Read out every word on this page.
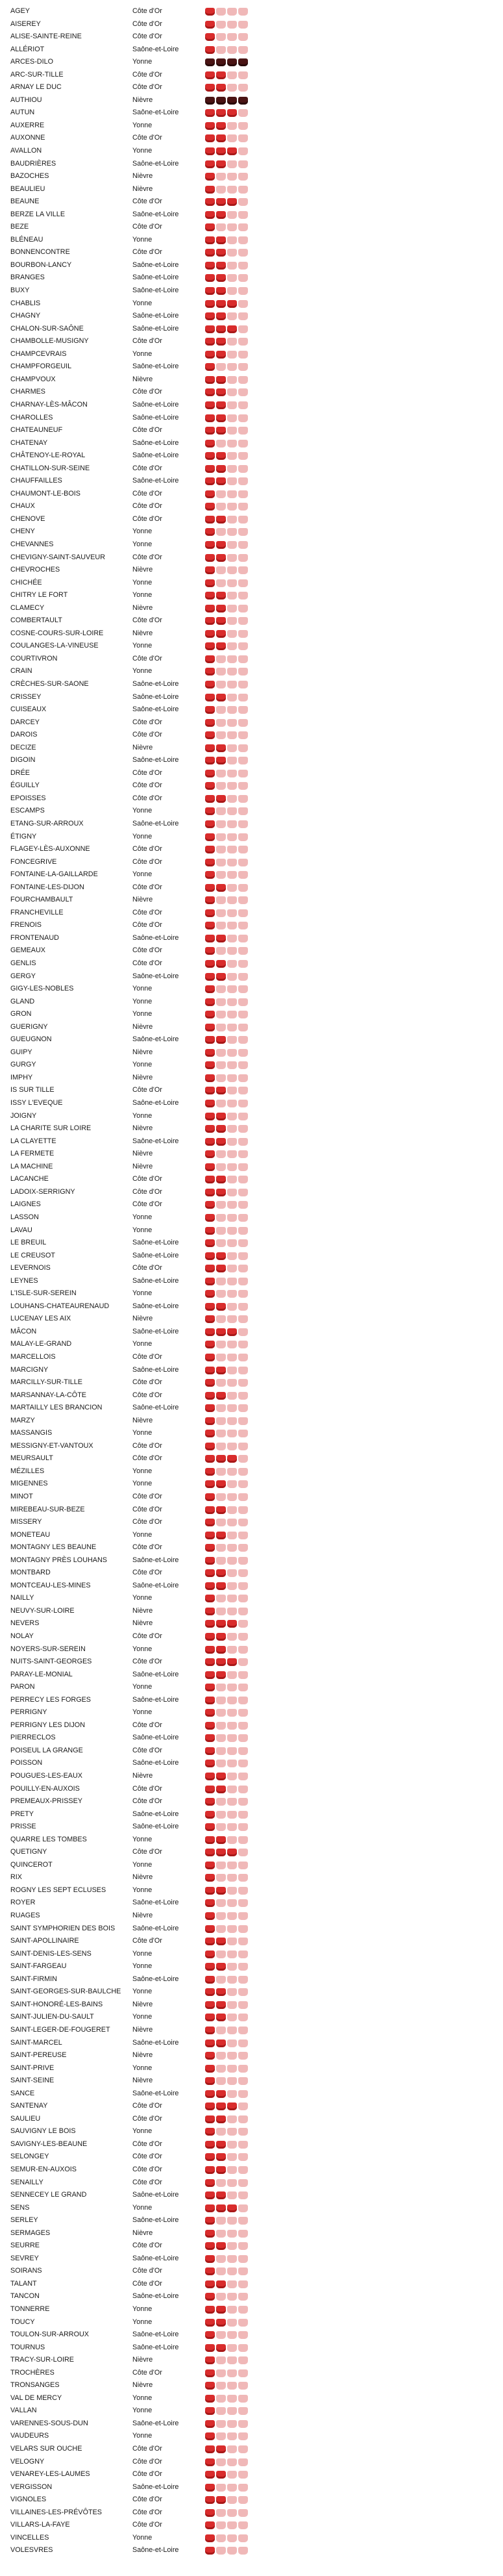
AGEY	Côte d'Or
AISEREY	Côte d'Or
ALISE-SAINTE-REINE	Côte d'Or
ALLÉRIOT	Saône-et-Loire
ARCES-DILO	Yonne
ARC-SUR-TILLE	Côte d'Or
ARNAY LE DUC	Côte d'Or
AUTHIOU	Nièvre
AUTUN	Saône-et-Loire
AUXERRE	Yonne
AUXONNE	Côte d'Or
AVALLON	Yonne
BAUDRIÈRES	Saône-et-Loire
BAZOCHES	Nièvre
BEAULIEU	Nièvre
BEAUNE	Côte d'Or
BERZE LA VILLE	Saône-et-Loire
BEZE	Côte d'Or
BLÉNEAU	Yonne
BONNENCONTRE	Côte d'Or
BOURBON-LANCY	Saône-et-Loire
BRANGES	Saône-et-Loire
BUXY	Saône-et-Loire
CHABLIS	Yonne
CHAGNY	Saône-et-Loire
CHALON-SUR-SAÔNE	Saône-et-Loire
CHAMBOLLE-MUSIGNY	Côte d'Or
CHAMPCEVRAIS	Yonne
CHAMPFORGEUIL	Saône-et-Loire
CHAMPVOUX	Nièvre
CHARMES	Côte d'Or
CHARNAY-LÈS-MÂCON	Saône-et-Loire
CHAROLLES	Saône-et-Loire
CHATEAUNEUF	Côte d'Or
CHATENAY	Saône-et-Loire
CHÂTENOY-LE-ROYAL	Saône-et-Loire
CHATILLON-SUR-SEINE	Côte d'Or
CHAUFFAILLES	Saône-et-Loire
CHAUMONT-LE-BOIS	Côte d'Or
CHAUX	Côte d'Or
CHENOVE	Côte d'Or
CHENY	Yonne
CHEVANNES	Yonne
CHEVIGNY-SAINT-SAUVEUR	Côte d'Or
CHEVROCHES	Nièvre
CHICHÉE	Yonne
CHITRY LE FORT	Yonne
CLAMECY	Nièvre
COMBERTAULT	Côte d'Or
COSNE-COURS-SUR-LOIRE	Nièvre
COULANGES-LA-VINEUSE	Yonne
COURTIVRON	Côte d'Or
CRAIN	Yonne
CRÈCHES-SUR-SAONE	Saône-et-Loire
CRISSEY	Saône-et-Loire
CUISEAUX	Saône-et-Loire
DARCEY	Côte d'Or
DAROIS	Côte d'Or
DECIZE	Nièvre
DIGOIN	Saône-et-Loire
DRÉE	Côte d'Or
ÉGUILLY	Côte d'Or
EPOISSES	Côte d'Or
ESCAMPS	Yonne
ETANG-SUR-ARROUX	Saône-et-Loire
ÉTIGNY	Yonne
FLAGEY-LÈS-AUXONNE	Côte d'Or
FONCEGRIVE	Côte d'Or
FONTAINE-LA-GAILLARDE	Yonne
FONTAINE-LES-DIJON	Côte d'Or
FOURCHAMBAULT	Nièvre
FRANCHEVILLE	Côte d'Or
FRENOIS	Côte d'Or
FRONTENAUD	Saône-et-Loire
GEMEAUX	Côte d'Or
GENLIS	Côte d'Or
GERGY	Saône-et-Loire
GIGY-LES-NOBLES	Yonne
GLAND	Yonne
GRON	Yonne
GUERIGNY	Nièvre
GUEUGNON	Saône-et-Loire
GUIPY	Nièvre
GURGY	Yonne
IMPHY	Nièvre
IS SUR TILLE	Côte d'Or
ISSY L'EVEQUE	Saône-et-Loire
JOIGNY	Yonne
LA CHARITE SUR LOIRE	Nièvre
LA CLAYETTE	Saône-et-Loire
LA FERMETE	Nièvre
LA MACHINE	Nièvre
LACANCHE	Côte d'Or
LADOIX-SERRIGNY	Côte d'Or
LAIGNES	Côte d'Or
LASSON	Yonne
LAVAU	Yonne
LE BREUIL	Saône-et-Loire
LE CREUSOT	Saône-et-Loire
LEVERNOIS	Côte d'Or
LEYNES	Saône-et-Loire
L'ISLE-SUR-SEREIN	Yonne
LOUHANS-CHATEAURENAUD	Saône-et-Loire
LUCENAY LES AIX	Nièvre
MÂCON	Saône-et-Loire
MALAY-LE-GRAND	Yonne
MARCELLOIS	Côte d'Or
MARCIGNY	Saône-et-Loire
MARCILLY-SUR-TILLE	Côte d'Or
MARSANNAY-LA-CÔTE	Côte d'Or
MARTAILLY LES BRANCION	Saône-et-Loire
MARZY	Nièvre
MASSANGIS	Yonne
MESSIGNY-ET-VANTOUX	Côte d'Or
MEURSAULT	Côte d'Or
MÉZILLES	Yonne
MIGENNES	Yonne
MINOT	Côte d'Or
MIREBEAU-SUR-BEZE	Côte d'Or
MISSERY	Côte d'Or
MONETEAU	Yonne
MONTAGNY LES BEAUNE	Côte d'Or
MONTAGNY PRÈS LOUHANS	Saône-et-Loire
MONTBARD	Côte d'Or
MONTCEAU-LES-MINES	Saône-et-Loire
NAILLY	Yonne
NEUVY-SUR-LOIRE	Nièvre
NEVERS	Nièvre
NOLAY	Côte d'Or
NOYERS-SUR-SEREIN	Yonne
NUITS-SAINT-GEORGES	Côte d'Or
PARAY-LE-MONIAL	Saône-et-Loire
PARON	Yonne
PERRECY LES FORGES	Saône-et-Loire
PERRIGNY	Yonne
PERRIGNY LES DIJON	Côte d'Or
PIERRECLOS	Saône-et-Loire
POISEUL LA GRANGE	Côte d'Or
POISSON	Saône-et-Loire
POUGUES-LES-EAUX	Nièvre
POUILLY-EN-AUXOIS	Côte d'Or
PREMEAUX-PRISSEY	Côte d'Or
PRETY	Saône-et-Loire
PRISSE	Saône-et-Loire
QUARRE LES TOMBES	Yonne
QUETIGNY	Côte d'Or
QUINCEROT	Yonne
RIX	Nièvre
ROGNY LES SEPT ECLUSES	Yonne
ROYER	Saône-et-Loire
RUAGES	Nièvre
SAINT SYMPHORIEN DES BOIS	Saône-et-Loire
SAINT-APOLLINAIRE	Côte d'Or
SAINT-DENIS-LES-SENS	Yonne
SAINT-FARGEAU	Yonne
SAINT-FIRMIN	Saône-et-Loire
SAINT-GEORGES-SUR-BAULCHE	Yonne
SAINT-HONORÉ-LES-BAINS	Nièvre
SAINT-JULIEN-DU-SAULT	Yonne
SAINT-LEGER-DE-FOUGERET	Nièvre
SAINT-MARCEL	Saône-et-Loire
SAINT-PEREUSE	Nièvre
SAINT-PRIVE	Yonne
SAINT-SEINE	Nièvre
SANCE	Saône-et-Loire
SANTENAY	Côte d'Or
SAULIEU	Côte d'Or
SAUVIGNY LE BOIS	Yonne
SAVIGNY-LES-BEAUNE	Côte d'Or
SELONGEY	Côte d'Or
SEMUR-EN-AUXOIS	Côte d'Or
SENAILLY	Côte d'Or
SENNECEY LE GRAND	Saône-et-Loire
SENS	Yonne
SERLEY	Saône-et-Loire
SERMAGES	Nièvre
SEURRE	Côte d'Or
SEVREY	Saône-et-Loire
SOIRANS	Côte d'Or
TALANT	Côte d'Or
TANCON	Saône-et-Loire
TONNERRE	Yonne
TOUCY	Yonne
TOULON-SUR-ARROUX	Saône-et-Loire
TOURNUS	Saône-et-Loire
TRACY-SUR-LOIRE	Nièvre
TROCHÈRES	Côte d'Or
TRONSANGES	Nièvre
VAL DE MERCY	Yonne
VALLAN	Yonne
VARENNES-SOUS-DUN	Saône-et-Loire
VAUDEURS	Yonne
VELARS SUR OUCHE	Côte d'Or
VELOGNY	Côte d'Or
VENAREY-LES-LAUMES	Côte d'Or
VERGISSON	Saône-et-Loire
VIGNOLES	Côte d'Or
VILLAINES-LES-PRÉVÔTES	Côte d'Or
VILLARS-LA-FAYE	Côte d'Or
VINCELLES	Yonne
VOLESVRES	Saône-et-Loire
